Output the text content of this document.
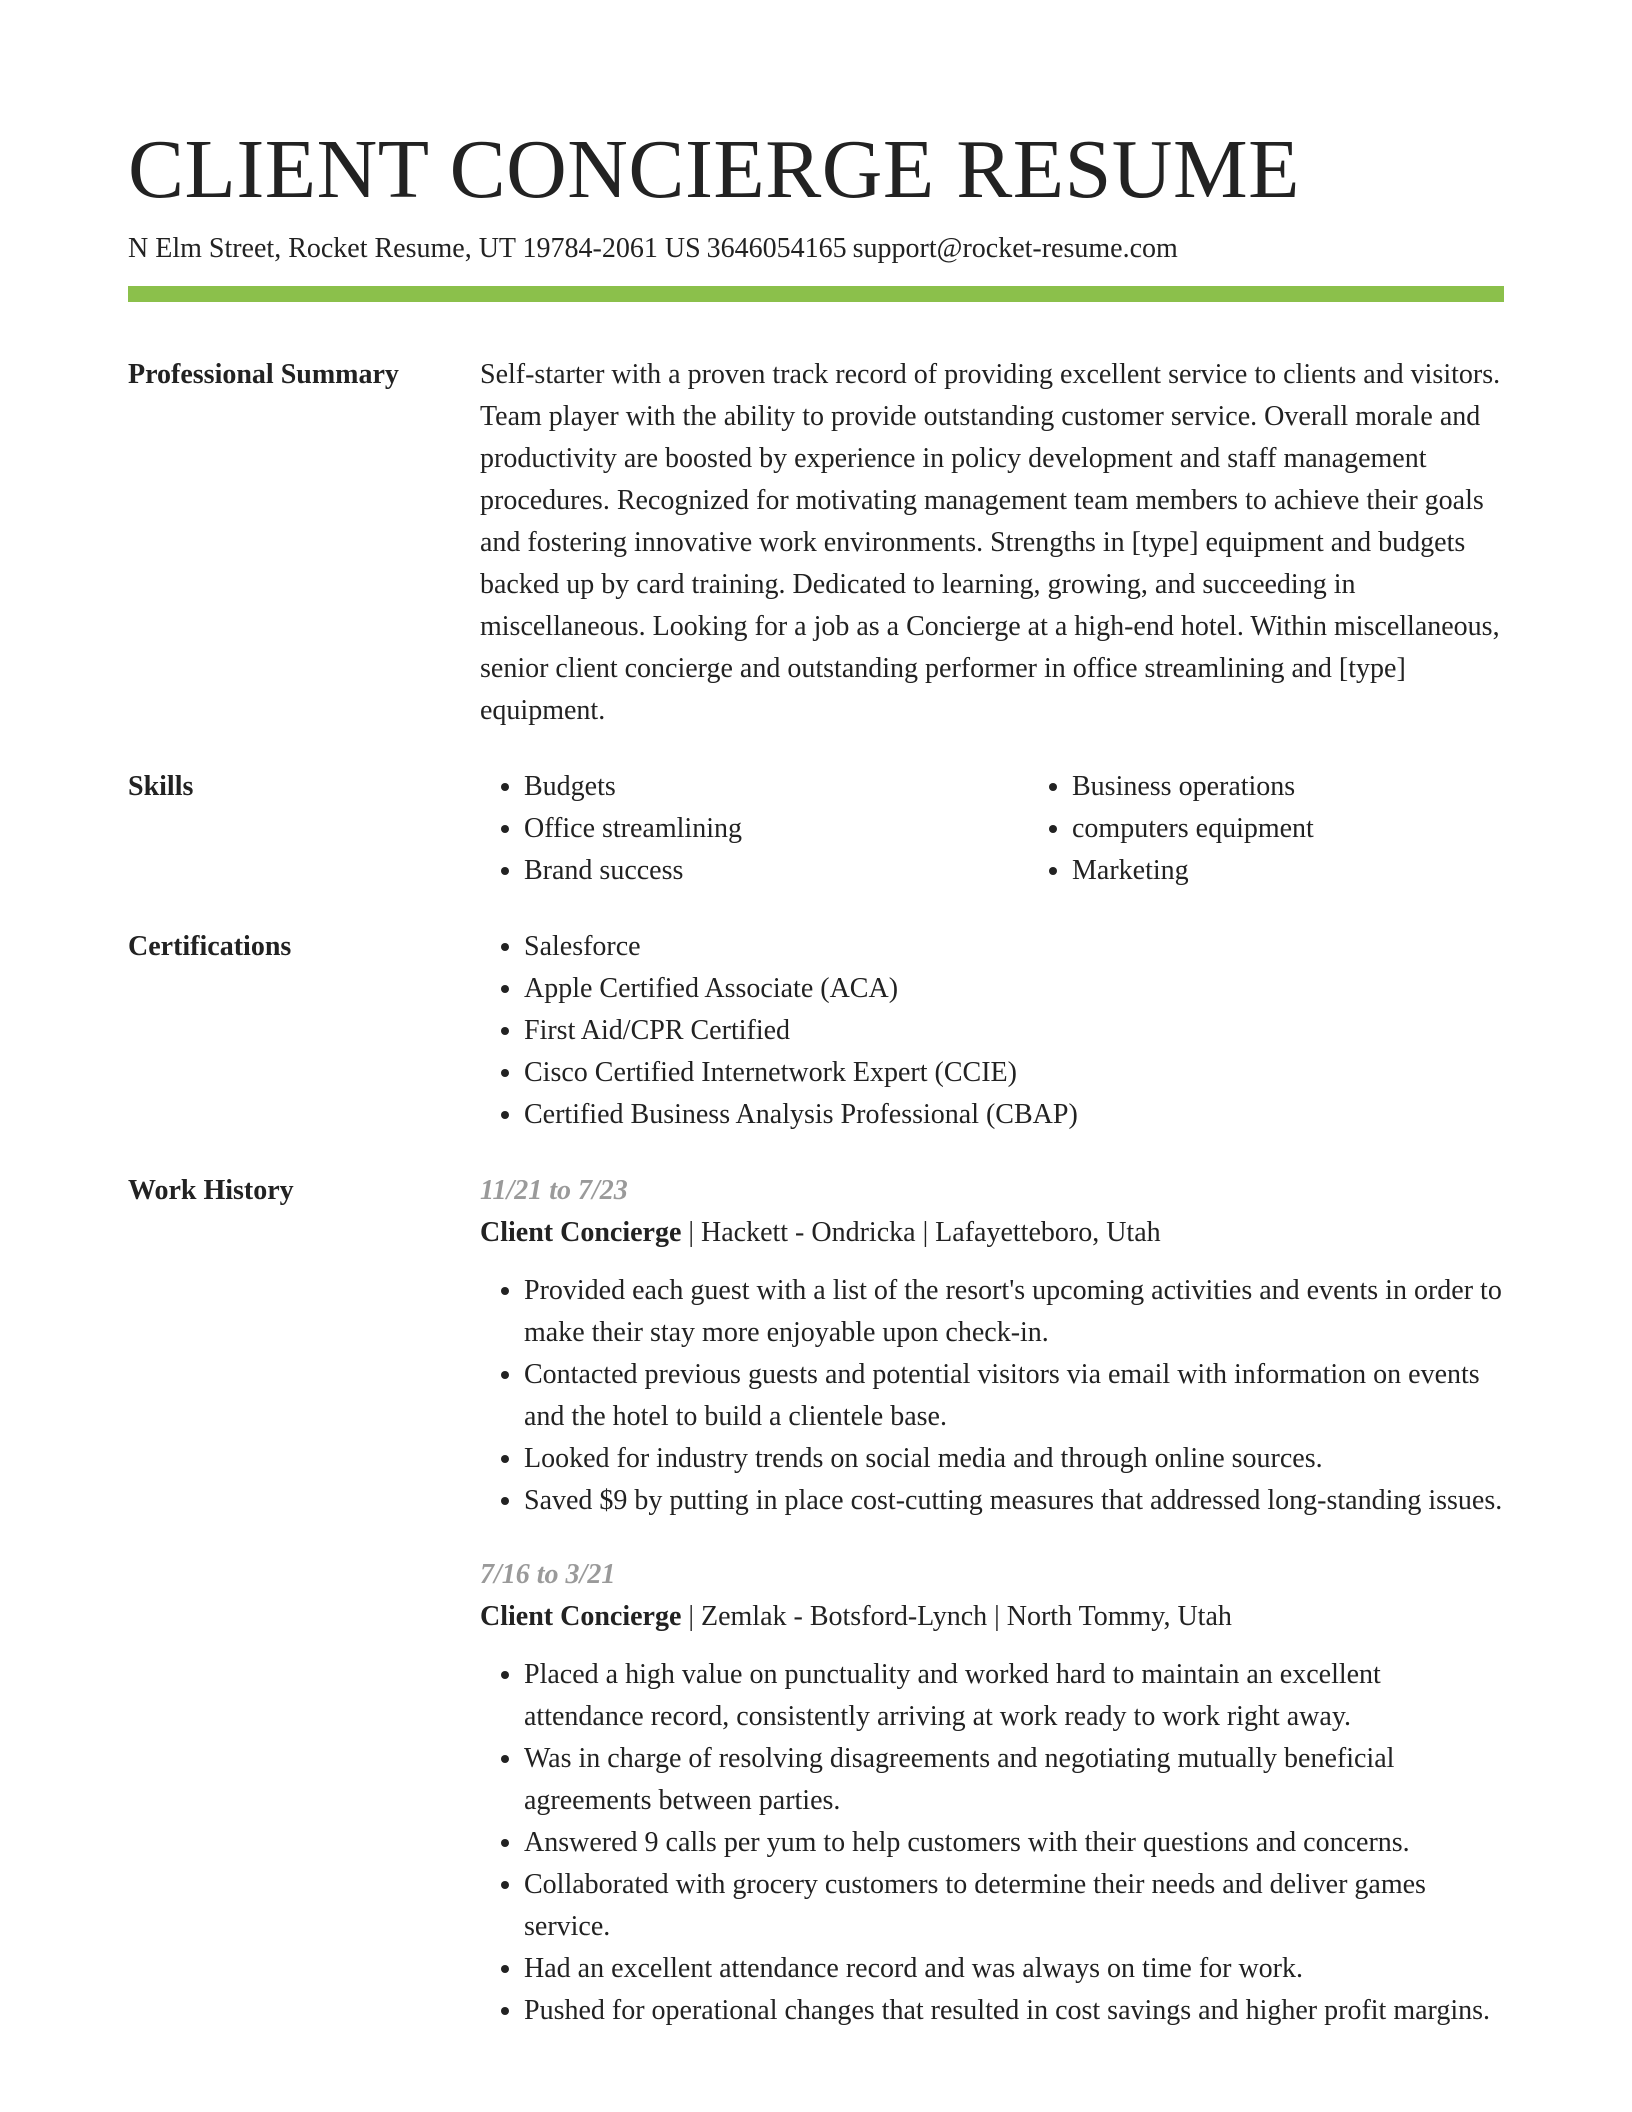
CLIENT CONCIERGE RESUME
N Elm Street, Rocket Resume, UT 19784-2061 US 3646054165 support@rocket-resume.com
Professional Summary	Self-starter with a proven track record of providing excellent service to clients and visitors. Team player with the ability to provide outstanding customer service. Overall morale and productivity are boosted by experience in policy development and staff management procedures. Recognized for motivating management team members to achieve their goals and fostering innovative work environments. Strengths in [type] equipment and budgets backed up by card training. Dedicated to learning, growing, and succeeding in miscellaneous. Looking for a job as a Concierge at a high-end hotel. Within miscellaneous, senior client concierge and outstanding performer in office streamlining and [type] equipment.

Skills	• Budgets
• Office streamlining
• Brand success
• Business operations
• computers equipment
• Marketing
Certifications	• Salesforce
• Apple Certified Associate (ACA)
• First Aid/CPR Certified
• Cisco Certified Internetwork Expert (CCIE)
• Certified Business Analysis Professional (CBAP)
Work History	11/21 to 7/23
Client Concierge | Hackett - Ondricka | Lafayetteboro, Utah
• Provided each guest with a list of the resort's upcoming activities and events in order to make their stay more enjoyable upon check-in.
• Contacted previous guests and potential visitors via email with information on events and the hotel to build a clientele base.
• Looked for industry trends on social media and through online sources.
• Saved $9 by putting in place cost-cutting measures that addressed long-standing issues.
7/16 to 3/21
Client Concierge | Zemlak - Botsford-Lynch | North Tommy, Utah
• Placed a high value on punctuality and worked hard to maintain an excellent attendance record, consistently arriving at work ready to work right away.
• Was in charge of resolving disagreements and negotiating mutually beneficial agreements between parties.
• Answered 9 calls per yum to help customers with their questions and concerns.
• Collaborated with grocery customers to determine their needs and deliver games service.
• Had an excellent attendance record and was always on time for work.
• Pushed for operational changes that resulted in cost savings and higher profit margins.
